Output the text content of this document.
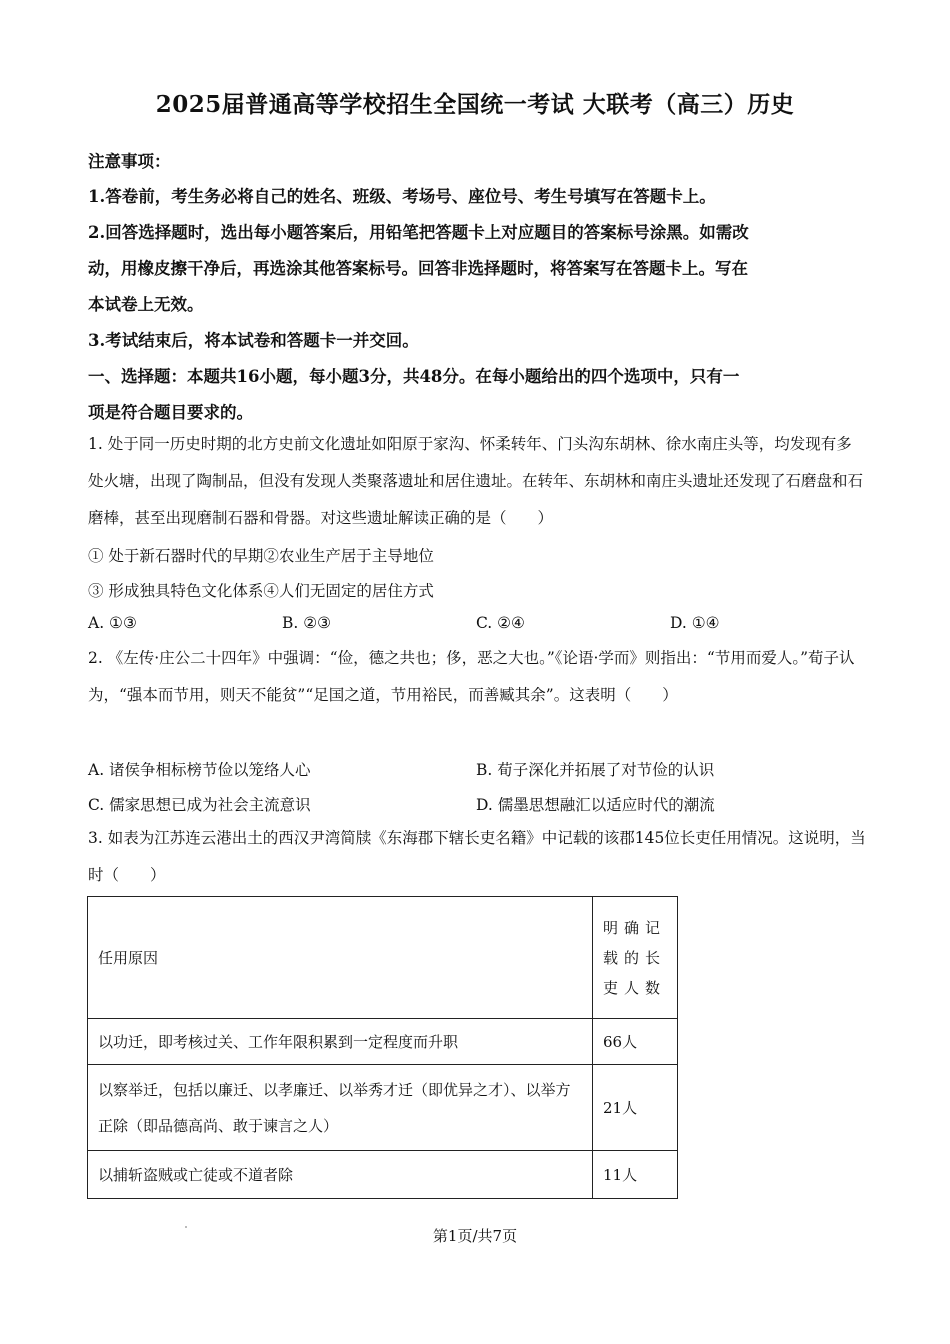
2025届普通高等学校招生全国统一考试 大联考（高三）历史
注意事项：
1.答卷前，考生务必将自己的姓名、班级、考场号、座位号、考生号填写在答题卡上。
2.回答选择题时，选出每小题答案后，用铅笔把答题卡上对应题目的答案标号涂黑。如需改
动，用橡皮擦干净后，再选涂其他答案标号。回答非选择题时，将答案写在答题卡上。写在
本试卷上无效。
3.考试结束后，将本试卷和答题卡一并交回。
一、选择题：本题共16小题，每小题3分，共48分。在每小题给出的四个选项中，只有一
项是符合题目要求的。
1. 处于同一历史时期的北方史前文化遗址如阳原于家沟、怀柔转年、门头沟东胡林、徐水南庄头等，均发现有多处火塘，出现了陶制品，但没有发现人类聚落遗址和居住遗址。在转年、东胡林和南庄头遗址还发现了石磨盘和石磨棒，甚至出现磨制石器和骨器。对这些遗址解读正确的是（　　）
① 处于新石器时代的早期②农业生产居于主导地位
③ 形成独具特色文化体系④人们无固定的居住方式
A. ①③	B. ②③	C. ②④	D. ①④
2. 《左传·庄公二十四年》中强调：“俭，德之共也；侈，恶之大也。”《论语·学而》则指出：“节用而爱人。”荀子认为，“强本而节用，则天不能贫”“足国之道，节用裕民，而善臧其余”。这表明（　　）
A. 诸侯争相标榜节俭以笼络人心	B. 荀子深化并拓展了对节俭的认识
C. 儒家思想已成为社会主流意识	D. 儒墨思想融汇以适应时代的潮流
3. 如表为江苏连云港出土的西汉尹湾简牍《东海郡下辖长吏名籍》中记载的该郡145位长吏任用情况。这说明，当时（　　）
任用原因	明确记载的长吏人数
以功迁，即考核过关、工作年限积累到一定程度而升职	66人
以察举迁，包括以廉迁、以孝廉迁、以举秀才迁（即优异之才）、以举方正除（即品德高尚、敢于谏言之人）	21人
以捕斩盗贼或亡徒或不道者除	11人
第1页/共7页
